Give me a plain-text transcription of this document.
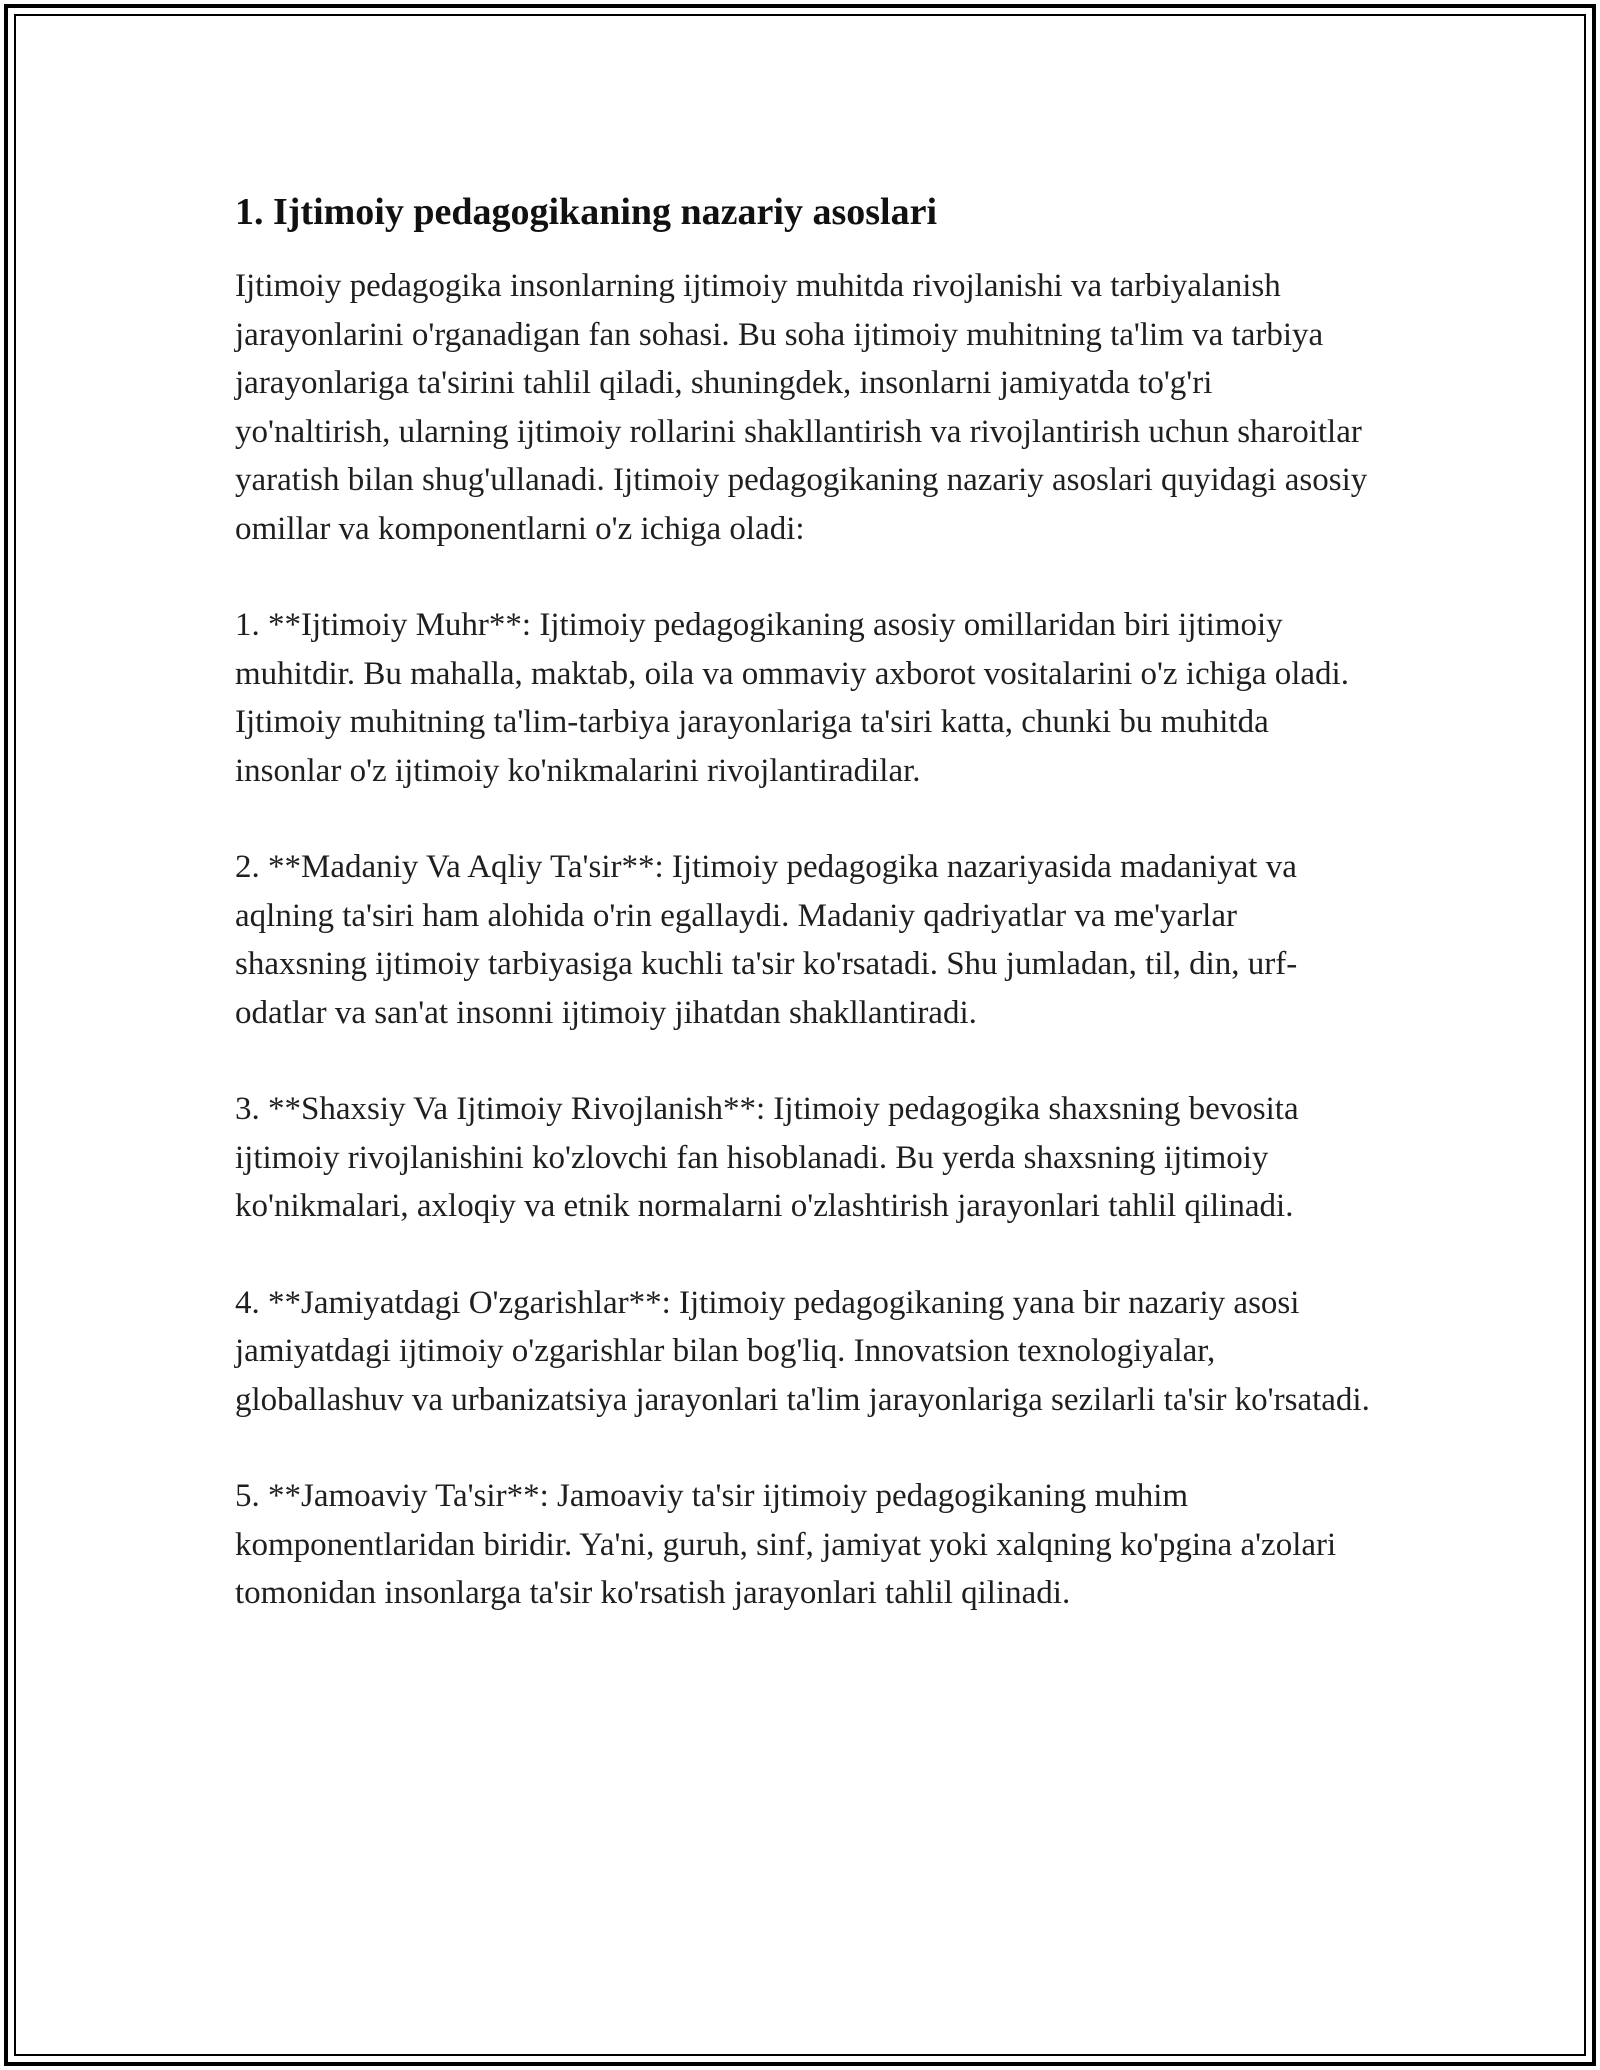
1. Ijtimoiy pedagogikaning nazariy asoslari

Ijtimoiy pedagogika insonlarning ijtimoiy muhitda rivojlanishi va tarbiyalanish jarayonlarini o'rganadigan fan sohasi. Bu soha ijtimoiy muhitning ta'lim va tarbiya jarayonlariga ta'sirini tahlil qiladi, shuningdek, insonlarni jamiyatda to'g'ri yo'naltirish, ularning ijtimoiy rollarini shakllantirish va rivojlantirish uchun sharoitlar yaratish bilan shug'ullanadi. Ijtimoiy pedagogikaning nazariy asoslari quyidagi asosiy omillar va komponentlarni o'z ichiga oladi:

1. **Ijtimoiy Muhr**: Ijtimoiy pedagogikaning asosiy omillaridan biri ijtimoiy muhitdir. Bu mahalla, maktab, oila va ommaviy axborot vositalarini o'z ichiga oladi. Ijtimoiy muhitning ta'lim-tarbiya jarayonlariga ta'siri katta, chunki bu muhitda insonlar o'z ijtimoiy ko'nikmalarini rivojlantiradilar.

2. **Madaniy Va Aqliy Ta'sir**: Ijtimoiy pedagogika nazariyasida madaniyat va aqlning ta'siri ham alohida o'rin egallaydi. Madaniy qadriyatlar va me'yarlar shaxsning ijtimoiy tarbiyasiga kuchli ta'sir ko'rsatadi. Shu jumladan, til, din, urf-odatlar va san'at insonni ijtimoiy jihatdan shakllantiradi.

3. **Shaxsiy Va Ijtimoiy Rivojlanish**: Ijtimoiy pedagogika shaxsning bevosita ijtimoiy rivojlanishini ko'zlovchi fan hisoblanadi. Bu yerda shaxsning ijtimoiy ko'nikmalari, axloqiy va etnik normalarni o'zlashtirish jarayonlari tahlil qilinadi.

4. **Jamiyatdagi O'zgarishlar**: Ijtimoiy pedagogikaning yana bir nazariy asosi jamiyatdagi ijtimoiy o'zgarishlar bilan bog'liq. Innovatsion texnologiyalar, globallashuv va urbanizatsiya jarayonlari ta'lim jarayonlariga sezilarli ta'sir ko'rsatadi.

5. **Jamoaviy Ta'sir**: Jamoaviy ta'sir ijtimoiy pedagogikaning muhim komponentlaridan biridir. Ya'ni, guruh, sinf, jamiyat yoki xalqning ko'pgina a'zolari tomonidan insonlarga ta'sir ko'rsatish jarayonlari tahlil qilinadi.
